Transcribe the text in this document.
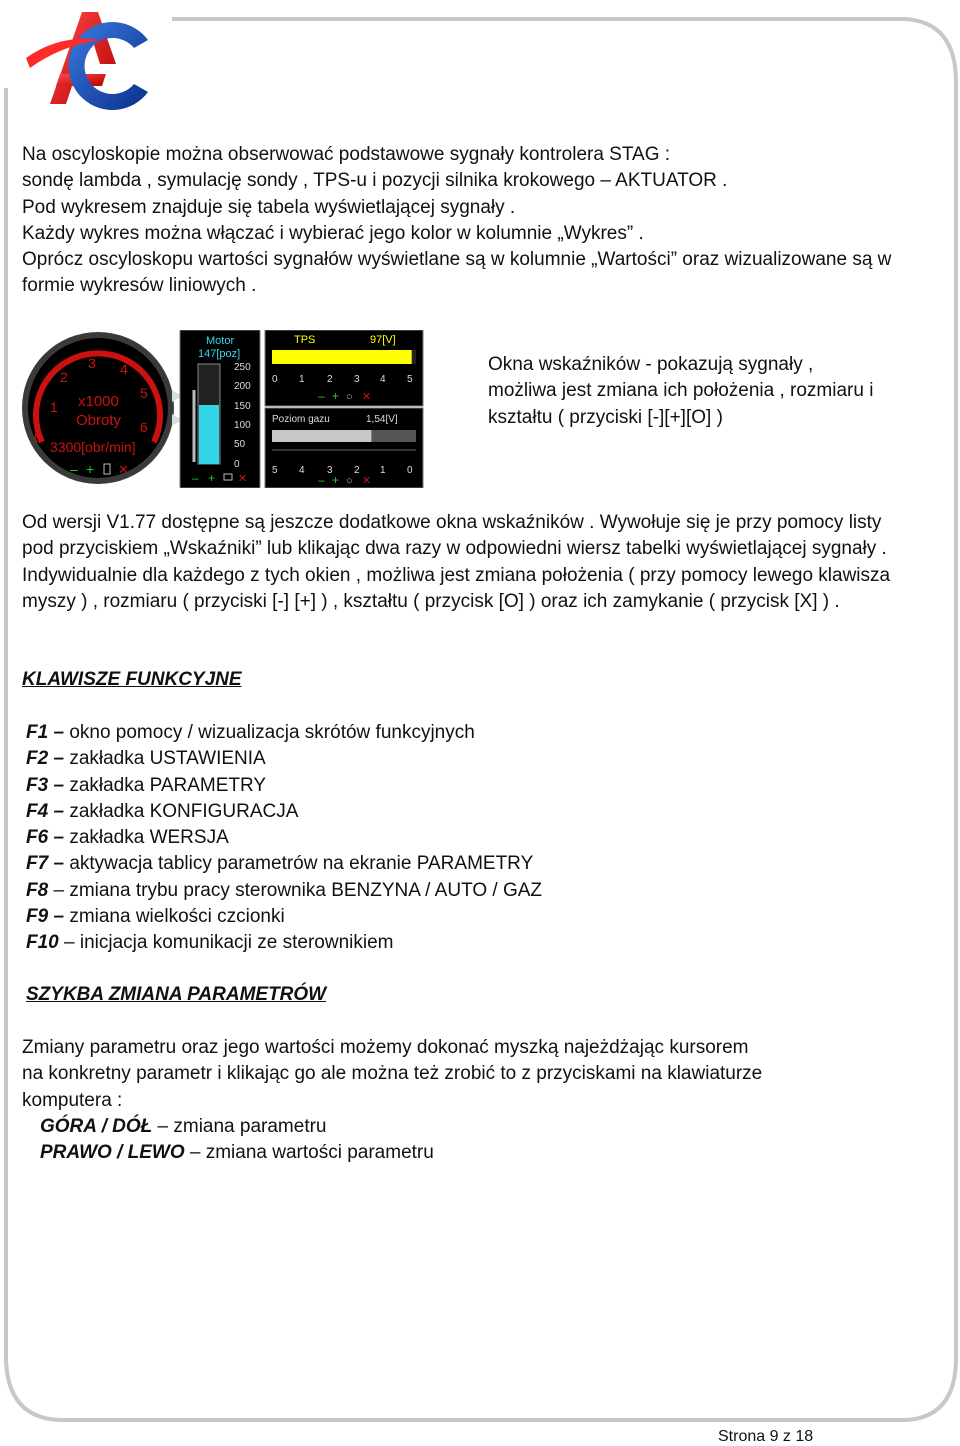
Na oscyloskopie można obserwować podstawowe sygnały kontrolera STAG :
sondę lambda , symulację sondy , TPS-u i pozycji silnika krokowego – AKTUATOR .
Pod wykresem znajduje się tabela wyświetlającej sygnały .
Każdy wykres można włączać i wybierać jego kolor w kolumnie „Wykres” .
Oprócz oscyloskopu wartości sygnałów wyświetlane są w kolumnie „Wartości” oraz wizualizowane są w
formie wykresów liniowych .
0
1
2
3 4
5
6
x1000
Obroty
3300[obr/min]
– + ✕
Motor
147[poz]
250
200
150
100
50
0
– + ✕
TPS	97[V]
0 1 2 3 4 5
– + ○ ✕
Poziom gazu	1,54[V]
5 4 3 2 1 0
– + ○ ✕
Okna wskaźników - pokazują sygnały ,
możliwa jest zmiana ich położenia , rozmiaru i
kształtu ( przyciski [-][+][O] )
Od wersji V1.77 dostępne są jeszcze dodatkowe okna wskaźników . Wywołuje się je przy pomocy listy
pod przyciskiem „Wskaźniki” lub klikając dwa razy w odpowiedni wiersz tabelki wyświetlającej sygnały .
Indywidualnie dla każdego z tych okien , możliwa jest zmiana położenia ( przy pomocy lewego klawisza
myszy ) , rozmiaru ( przyciski [-] [+] ) , kształtu ( przycisk [O] ) oraz ich zamykanie ( przycisk [X] ) .
KLAWISZE FUNKCYJNE
F1 – okno pomocy / wizualizacja skrótów funkcyjnych
F2 – zakładka USTAWIENIA
F3 – zakładka PARAMETRY
F4 – zakładka KONFIGURACJA
F6 – zakładka WERSJA
F7 – aktywacja tablicy parametrów na ekranie PARAMETRY
F8 – zmiana trybu pracy sterownika BENZYNA / AUTO / GAZ
F9 – zmiana wielkości czcionki
F10 – inicjacja komunikacji ze sterownikiem
SZYKBA ZMIANA PARAMETRÓW
Zmiany parametru oraz jego wartości możemy dokonać myszką najeżdżając kursorem
na konkretny parametr i klikając go ale można też zrobić to z przyciskami na klawiaturze
komputera :
GÓRA / DÓŁ – zmiana parametru
PRAWO / LEWO – zmiana wartości parametru
Strona 9 z 18
